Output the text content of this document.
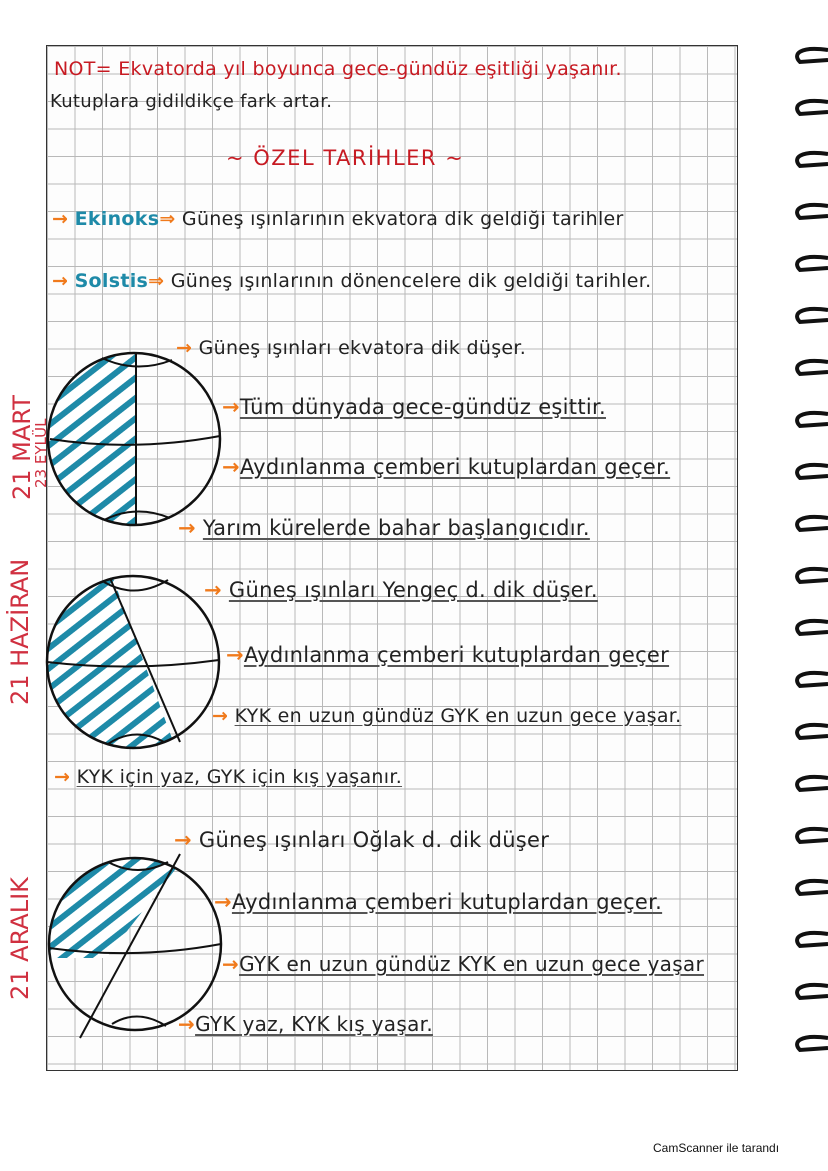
NOT= Ekvatorda yıl boyunca gece-gündüz eşitliği yaşanır.
Kutuplara gidildikçe fark artar.
~ ÖZEL TARİHLER ~
→ Ekinoks⇒ Güneş ışınlarının ekvatora dik geldiği tarihler
→ Solstis⇒ Güneş ışınlarının dönencelere dik geldiği tarihler.
21 MART
23 EYLÜL
21 HAZİRAN
21 ARALIK
→ Güneş ışınları ekvatora dik düşer.
→Tüm dünyada gece-gündüz eşittir.
→Aydınlanma çemberi kutuplardan geçer.
→ Yarım kürelerde bahar başlangıcıdır.
→ Güneş ışınları Yengeç d. dik düşer.
→Aydınlanma çemberi kutuplardan geçer
→ KYK en uzun gündüz GYK en uzun gece yaşar.
→ KYK için yaz, GYK için kış yaşanır.
→ Güneş ışınları Oğlak d. dik düşer
→Aydınlanma çemberi kutuplardan geçer.
→GYK en uzun gündüz KYK en uzun gece yaşar
→GYK yaz, KYK kış yaşar.
CamScanner ile tarandı
